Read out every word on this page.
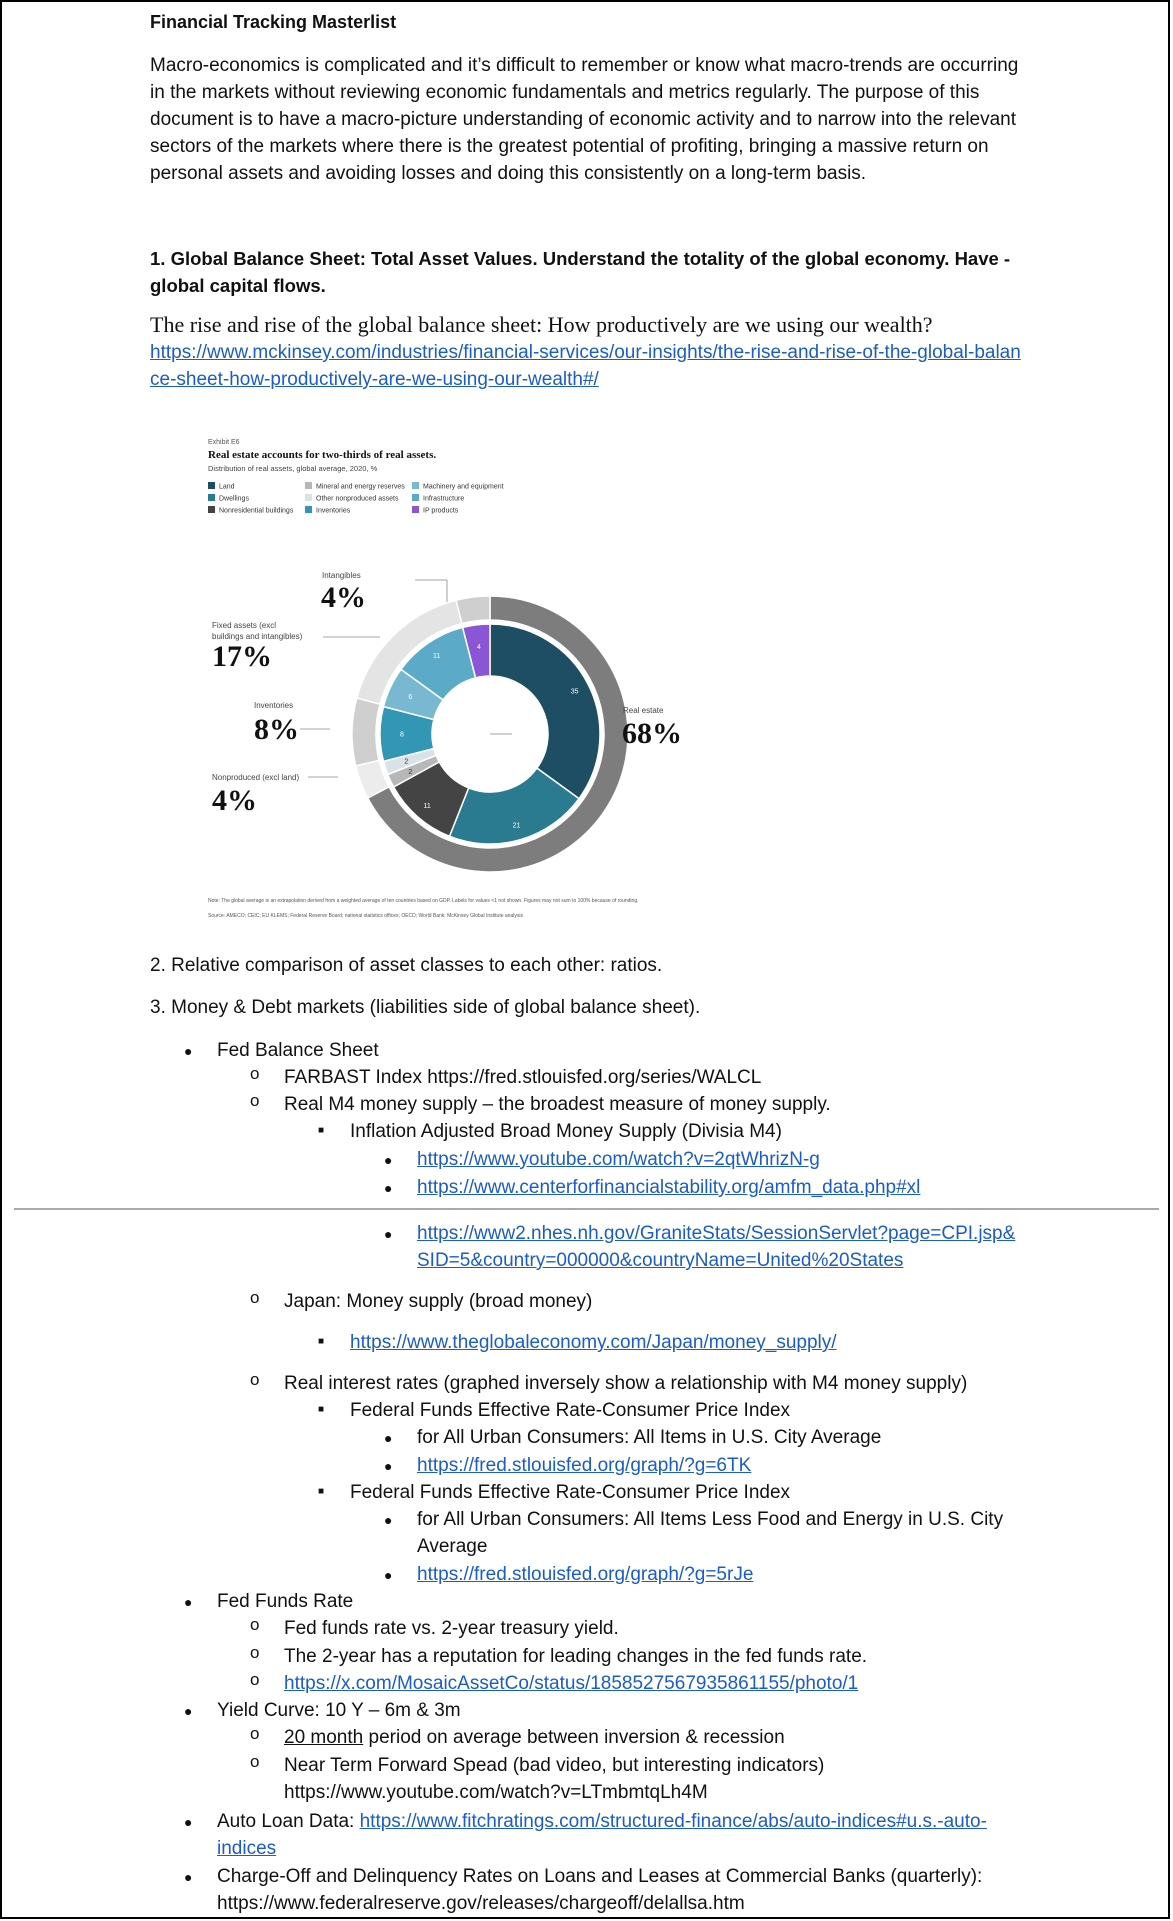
Financial Tracking Masterlist
Macro-economics is complicated and it’s difficult to remember or know what macro-trends are occurring in the markets without reviewing economic fundamentals and metrics regularly. The purpose of this document is to have a macro-picture understanding of economic activity and to narrow into the relevant sectors of the markets where there is the greatest potential of profiting, bringing a massive return on personal assets and avoiding losses and doing this consistently on a long-term basis.
1. Global Balance Sheet: Total Asset Values. Understand the totality of the global economy. Have - global capital flows.
The rise and rise of the global balance sheet: How productively are we using our wealth?
https://www.mckinsey.com/industries/financial-services/our-insights/the-rise-and-rise-of-the-global-balance-sheet-how-productively-are-we-using-our-wealth#/
Exhibit E6
Real estate accounts for two-thirds of real assets.
Distribution of real assets, global average, 2020, %
Land
Dwellings
Nonresidential buildings
Mineral and energy reserves
Other nonproduced assets
Inventories
Machinery and equipment
Infrastructure
IP products
35
21
11
2
2
8
6
11
4
Intangibles
4%
Fixed assets (excl
buildings and intangibles)
17%
Inventories
8%
Nonproduced (excl land)
4%
Real estate
68%
Note: The global average is an extrapolation derived from a weighted average of ten countries based on GDP. Labels for values <1 not shown. Figures may not sum to 100% because of rounding.
Source: AMECO; CEIC; EU KLEMS; Federal Reserve Board; national statistics offices; OECD; World Bank; McKinsey Global Institute analysis
2. Relative comparison of asset classes to each other: ratios.
3. Money & Debt markets (liabilities side of global balance sheet).
● Fed Balance Sheet
o FARBAST Index https://fred.stlouisfed.org/series/WALCL
o Real M4 money supply – the broadest measure of money supply.
■ Inflation Adjusted Broad Money Supply (Divisia M4)
● https://www.youtube.com/watch?v=2qtWhrizN-g
● https://www.centerforfinancialstability.org/amfm_data.php#xl
● https://www2.nhes.nh.gov/GraniteStats/SessionServlet?page=CPI.jsp&SID=5&country=000000&countryName=United%20States
o Japan: Money supply (broad money)
■ https://www.theglobaleconomy.com/Japan/money_supply/
o Real interest rates (graphed inversely show a relationship with M4 money supply)
■ Federal Funds Effective Rate-Consumer Price Index
● for All Urban Consumers: All Items in U.S. City Average
● https://fred.stlouisfed.org/graph/?g=6TK
■ Federal Funds Effective Rate-Consumer Price Index
● for All Urban Consumers: All Items Less Food and Energy in U.S. City Average
● https://fred.stlouisfed.org/graph/?g=5rJe
● Fed Funds Rate
o Fed funds rate vs. 2-year treasury yield.
o The 2-year has a reputation for leading changes in the fed funds rate.
o https://x.com/MosaicAssetCo/status/1858527567935861155/photo/1
● Yield Curve: 10 Y – 6m & 3m
o 20 month period on average between inversion & recession
o Near Term Forward Spead (bad video, but interesting indicators)
https://www.youtube.com/watch?v=LTmbmtqLh4M
● Auto Loan Data: https://www.fitchratings.com/structured-finance/abs/auto-indices#u.s.-auto-indices
● Charge-Off and Delinquency Rates on Loans and Leases at Commercial Banks (quarterly):
https://www.federalreserve.gov/releases/chargeoff/delallsa.htm
